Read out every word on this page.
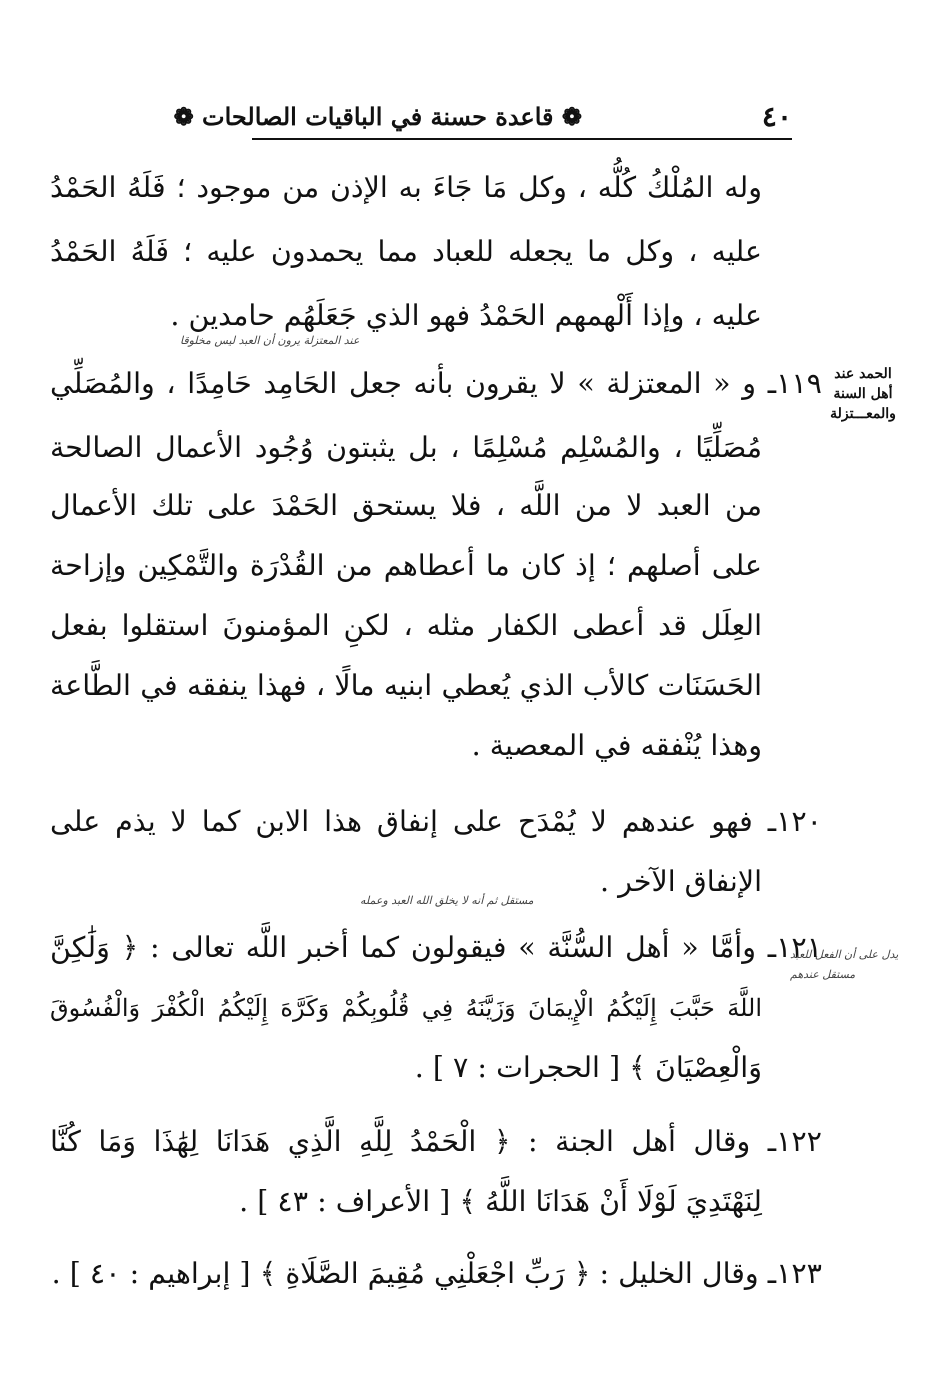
٤٠
❁ قاعدة حسنة في الباقيات الصالحات ❁
الحمد عند
أهل السنة
والمعـــتزلة
وله المُلْكُ كُلُّه ، وكل مَا جَاءَ به الإذن من موجود ؛ فَلَهُ الحَمْدُ
عليه ، وكل ما يجعله للعباد مما يحمدون عليه ؛ فَلَهُ الحَمْدُ
عليه ، وإذا أَلْهمهم الحَمْدُ فهو الذي جَعَلَهُم حامدين .
عند المعتزلة يرون أن العبد ليس مخلوقا
١١٩ـ و « المعتزلة » لا يقرون بأنه جعل الحَامِد حَامِدًا ، والمُصَلِّي
مُصَلِّيًا ، والمُسْلِم مُسْلِمًا ، بل يثبتون وُجُود الأعمال الصالحة
من العبد لا من اللَّه ، فلا يستحق الحَمْدَ على تلك الأعمال
على أصلهم ؛ إذ كان ما أعطاهم من القُدْرَة والتَّمْكِين وإزاحة
العِلَل قد أعطى الكفار مثله ، لكنِ المؤمنونَ استقلوا بفعل
الحَسَنَات كالأب الذي يُعطي ابنيه مالًا ، فهذا ينفقه في الطَّاعة
وهذا يُنْفقه في المعصية .
١٢٠ـ فهو عندهم لا يُمْدَح على إنفاق هذا الابن كما لا يذم على
الإنفاق الآخر .
مستقل ثم أنه لا يخلق الله العبد وعمله
١٢١ـ وأمَّا « أهل السُّنَّة » فيقولون كما أخبر اللَّه تعالى : ﴿ وَلَٰكِنَّ	يدل على أن الفعل للعبد
مستقل عندهم
اللَّهَ حَبَّبَ إِلَيْكُمُ الْإِيمَانَ وَزَيَّنَهُ فِي قُلُوبِكُمْ وَكَرَّهَ إِلَيْكُمُ الْكُفْرَ وَالْفُسُوقَ
وَالْعِصْيَانَ ﴾ [ الحجرات : ٧ ] .
١٢٢ـ وقال أهل الجنة : ﴿ الْحَمْدُ لِلَّهِ الَّذِي هَدَانَا لِهَٰذَا وَمَا كُنَّا
لِنَهْتَدِيَ لَوْلَا أَنْ هَدَانَا اللَّهُ ﴾ [ الأعراف : ٤٣ ] .
١٢٣ـ وقال الخليل : ﴿ رَبِّ اجْعَلْنِي مُقِيمَ الصَّلَاةِ ﴾ [ إبراهيم : ٤٠ ] .
